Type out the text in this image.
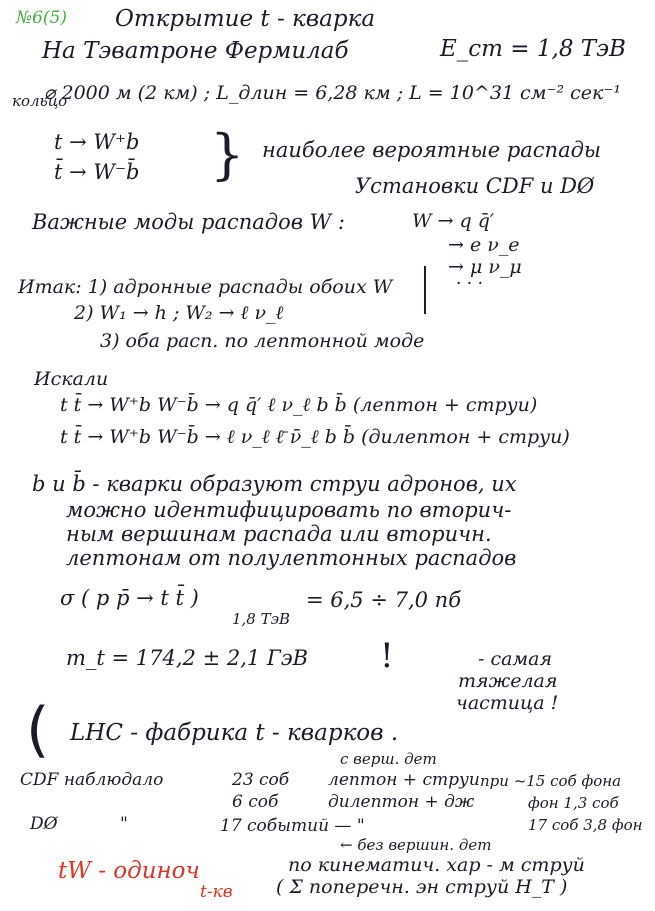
№6(5) Открытие t - кварка
На Тэватроне Фермилаб	E_cm = 1,8 ТэВ
кольцо
⌀ 2000 м (2 км) ; L_длин = 6,28 км ; L = 10^31 см⁻² сек⁻¹
t → W⁺b
t̄ → W⁻b̄ } наиболее вероятные распады
Установки CDF и DØ
Важные моды распадов W :	W → q q̄′
→ e ν_e
→ μ ν_μ
· · ·
Итак: 1) адронные распады обоих W
2) W₁ → h ; W₂ → ℓ ν_ℓ
3) оба расп. по лептонной моде
Искали
t t̄ → W⁺b W⁻b̄ → q q̄′ ℓ ν_ℓ b b̄ (лептон + струи)
t t̄ → W⁺b W⁻b̄ → ℓ ν_ℓ ℓ̄ ν̄_ℓ b b̄ (дилептон + струи)
b и b̄ - кварки образуют струи адронов, их
можно идентифицировать по вторич-
ным вершинам распада или вторичн.
лептонам от полулептонных распадов
σ ( p p̄ → t t̄ )
1,8 ТэВ
= 6,5 ÷ 7,0 пб
m_t = 174,2 ± 2,1 ГэВ !	- самая
тяжелая
частица !
( LHC - фабрика t - кварков .
с верш. дет
CDF наблюдало	23 соб лептон + струи при ~15 соб фона
6 соб	дилептон + дж	фон 1,3 соб
DØ	"	17 событий — "	17 соб 3,8 фон
← без вершин. дет
по кинематич. хар - м струй
( Σ поперечн. эн струй H_T )
tW - одиноч
t-кв
